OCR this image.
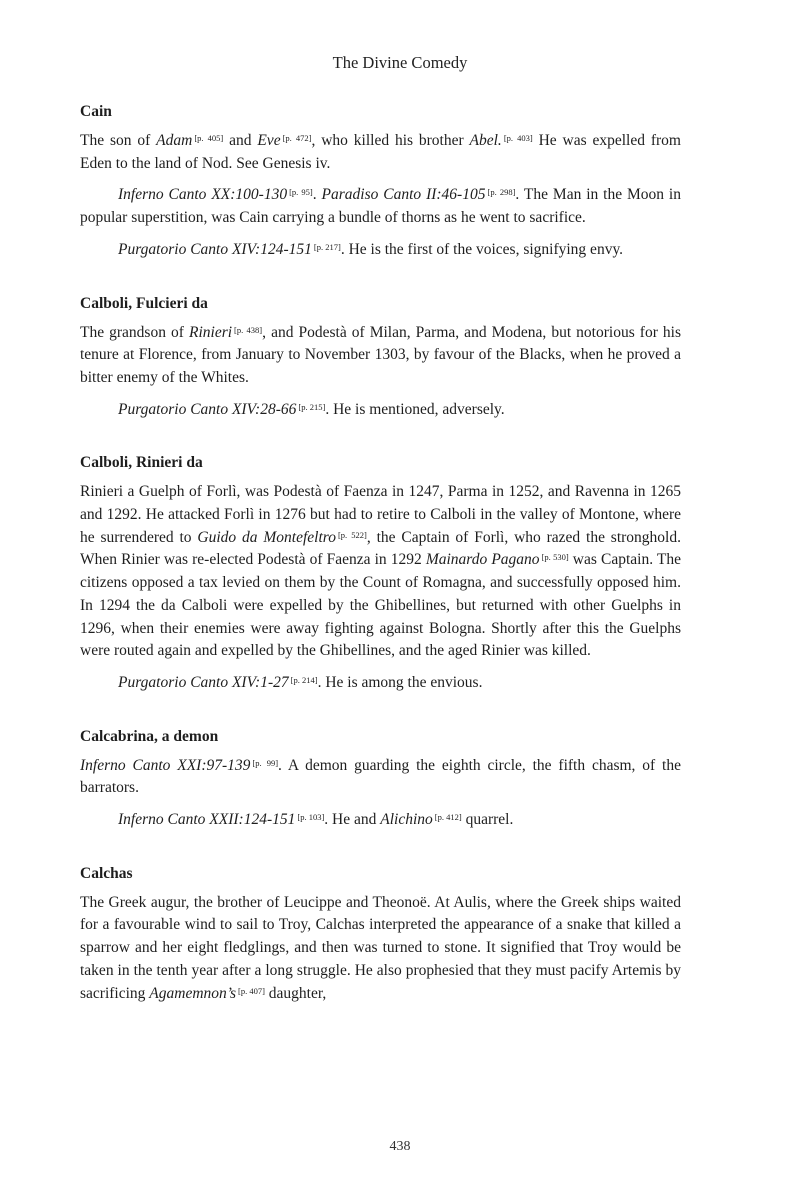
The Divine Comedy
Cain

The son of Adam [p. 405] and Eve [p. 472], who killed his brother Abel. [p. 403] He was expelled from Eden to the land of Nod. See Genesis iv.

Inferno Canto XX:100-130 [p. 95]. Paradiso Canto II:46-105 [p. 298]. The Man in the Moon in popular superstition, was Cain carrying a bundle of thorns as he went to sacrifice.

Purgatorio Canto XIV:124-151 [p. 217]. He is the first of the voices, signifying envy.

Calboli, Fulcieri da

The grandson of Rinieri [p. 438], and Podestà of Milan, Parma, and Modena, but notorious for his tenure at Florence, from January to November 1303, by favour of the Blacks, when he proved a bitter enemy of the Whites.

Purgatorio Canto XIV:28-66 [p. 215]. He is mentioned, adversely.

Calboli, Rinieri da

Rinieri a Guelph of Forlì, was Podestà of Faenza in 1247, Parma in 1252, and Ravenna in 1265 and 1292. He attacked Forlì in 1276 but had to retire to Calboli in the valley of Montone, where he surrendered to Guido da Montefeltro [p. 522], the Captain of Forlì, who razed the stronghold. When Rinier was re-elected Podestà of Faenza in 1292 Mainardo Pagano [p. 530] was Captain. The citizens opposed a tax levied on them by the Count of Romagna, and successfully opposed him. In 1294 the da Calboli were expelled by the Ghibellines, but returned with other Guelphs in 1296, when their enemies were away fighting against Bologna. Shortly after this the Guelphs were routed again and expelled by the Ghibellines, and the aged Rinier was killed.

Purgatorio Canto XIV:1-27 [p. 214]. He is among the envious.

Calcabrina, a demon

Inferno Canto XXI:97-139 [p. 99]. A demon guarding the eighth circle, the fifth chasm, of the barrators.

Inferno Canto XXII:124-151 [p. 103]. He and Alichino [p. 412] quarrel.

Calchas

The Greek augur, the brother of Leucippe and Theonoë. At Aulis, where the Greek ships waited for a favourable wind to sail to Troy, Calchas interpreted the appearance of a snake that killed a sparrow and her eight fledglings, and then was turned to stone. It signified that Troy would be taken in the tenth year after a long struggle. He also prophesied that they must pacify Artemis by sacrificing Agamemnon’s [p. 407] daughter,

438
